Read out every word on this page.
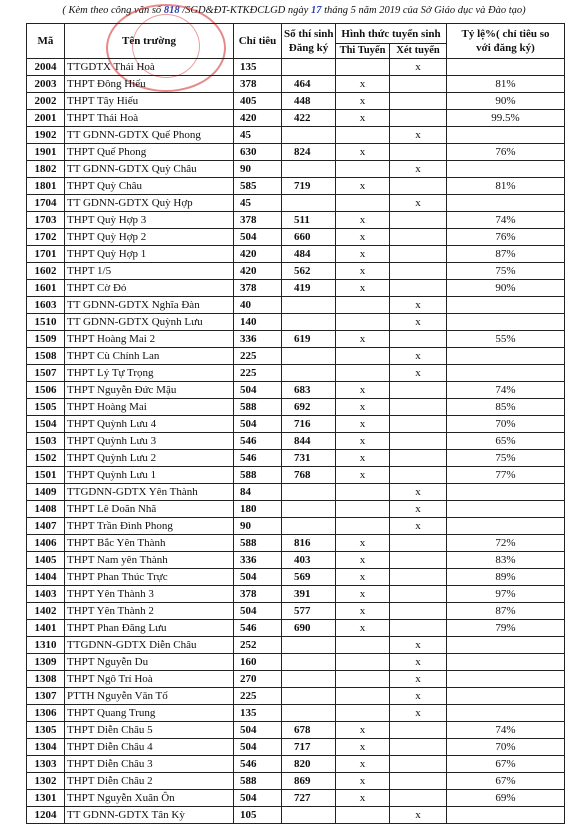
( Kèm theo công văn số 818 /SGD&ĐT-KTKĐCLGD ngày 17 tháng 5 năm 2019 của Sở Giáo dục và Đào tạo)
Mã	Tên trường	Chỉ tiêu	Số thí sinh
Đăng ký	Hình thức tuyển sinh		Tỷ lệ%( chỉ tiêu so
với đăng ký)
				Thi Tuyển	Xét tuyển	
2004	TTGDTX Thái Hoà	135			x	
2003	THPT Đông Hiếu	378	464	x		81%
2002	THPT Tây Hiếu	405	448	x		90%
2001	THPT Thái Hoà	420	422	x		99.5%
1902	TT GDNN-GDTX Quế Phong	45			x	
1901	THPT Quế Phong	630	824	x		76%
1802	TT GDNN-GDTX Quỳ Châu	90			x	
1801	THPT Quỳ Châu	585	719	x		81%
1704	TT GDNN-GDTX Quỳ Hợp	45			x	
1703	THPT Quỳ Hợp 3	378	511	x		74%
1702	THPT Quỳ Hợp 2	504	660	x		76%
1701	THPT Quỳ Hợp 1	420	484	x		87%
1602	THPT 1/5	420	562	x		75%
1601	THPT Cờ Đỏ	378	419	x		90%
1603	TT GDNN-GDTX Nghĩa Đàn	40			x	
1510	TT GDNN-GDTX Quỳnh Lưu	140			x	
1509	THPT Hoàng Mai 2	336	619	x		55%
1508	THPT Cù Chính Lan	225			x	
1507	THPT Lý Tự Trọng	225			x	
1506	THPT Nguyễn Đức Mậu	504	683	x		74%
1505	THPT Hoàng Mai	588	692	x		85%
1504	THPT Quỳnh Lưu 4	504	716	x		70%
1503	THPT Quỳnh Lưu 3	546	844	x		65%
1502	THPT Quỳnh Lưu 2	546	731	x		75%
1501	THPT Quỳnh Lưu 1	588	768	x		77%
1409	TTGDNN-GDTX Yên Thành	84			x	
1408	THPT Lê Doãn Nhã	180			x	
1407	THPT Trần Đình Phong	90			x	
1406	THPT Bắc Yên Thành	588	816	x		72%
1405	THPT Nam yên Thành	336	403	x		83%
1404	THPT Phan Thúc Trực	504	569	x		89%
1403	THPT Yên Thành 3	378	391	x		97%
1402	THPT Yên Thành 2	504	577	x		87%
1401	THPT Phan Đăng Lưu	546	690	x		79%
1310	TTGDNN-GDTX Diễn Châu	252			x	
1309	THPT Nguyễn Du	160			x	
1308	THPT Ngô Trí Hoà	270			x	
1307	PTTH Nguyễn Văn Tố	225			x	
1306	THPT Quang Trung	135			x	
1305	THPT Diễn Châu 5	504	678	x		74%
1304	THPT Diễn Châu 4	504	717	x		70%
1303	THPT Diễn Châu 3	546	820	x		67%
1302	THPT Diễn Châu 2	588	869	x		67%
1301	THPT Nguyễn Xuân Ôn	504	727	x		69%
1204	TT GDNN-GDTX Tân Kỳ	105			x	
